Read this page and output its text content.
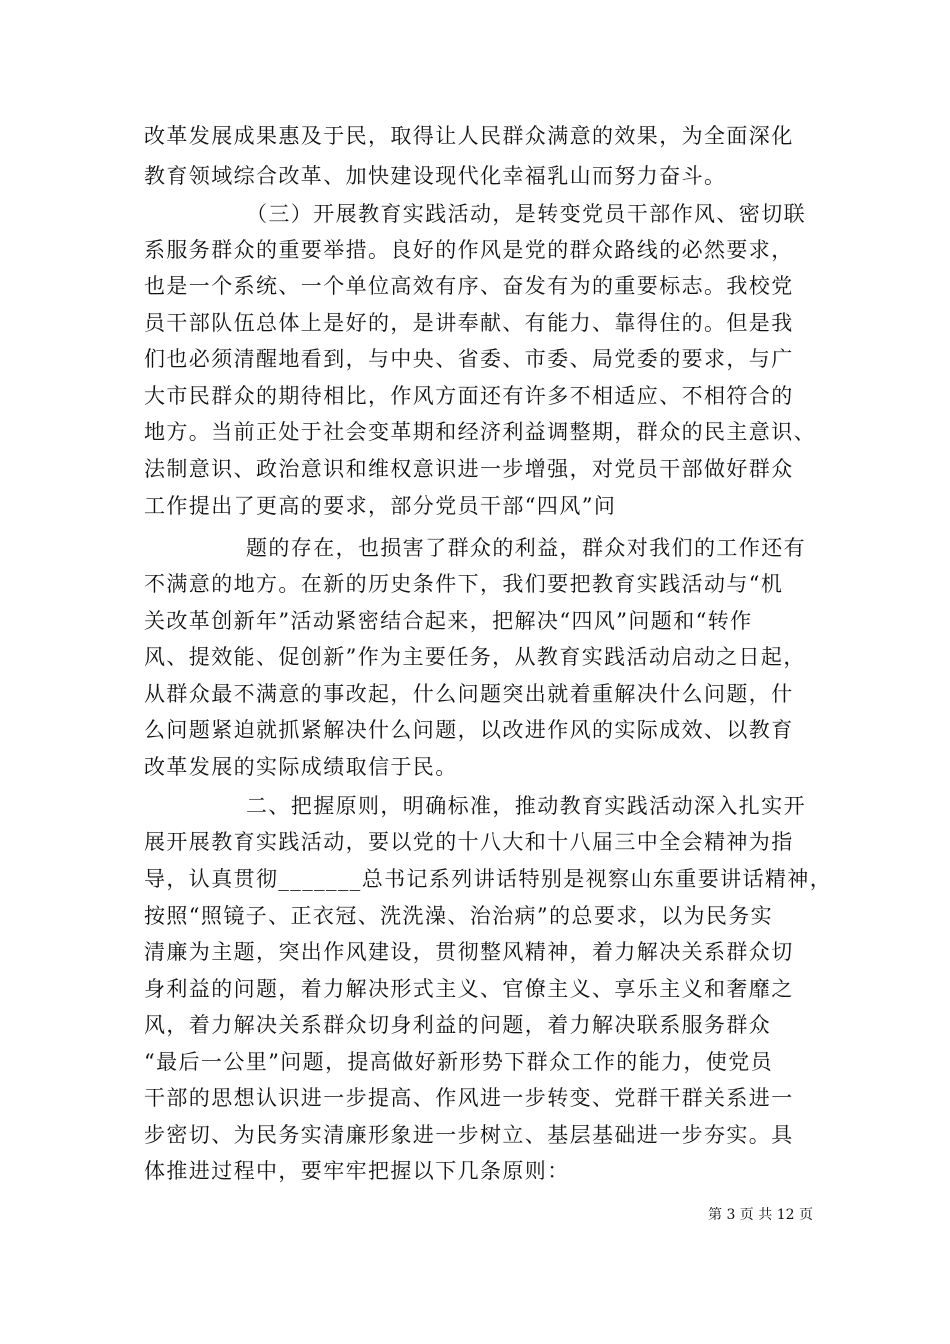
改革发展成果惠及于民，取得让人民群众满意的效果，为全面深化
教育领域综合改革、加快建设现代化幸福乳山而努力奋斗。
（三）开展教育实践活动，是转变党员干部作风、密切联
系服务群众的重要举措。良好的作风是党的群众路线的必然要求，
也是一个系统、一个单位高效有序、奋发有为的重要标志。我校党
员干部队伍总体上是好的，是讲奉献、有能力、靠得住的。但是我
们也必须清醒地看到，与中央、省委、市委、局党委的要求，与广
大市民群众的期待相比，作风方面还有许多不相适应、不相符合的
地方。当前正处于社会变革期和经济利益调整期，群众的民主意识、
法制意识、政治意识和维权意识进一步增强，对党员干部做好群众
工作提出了更高的要求，部分党员干部“四风”问
题的存在，也损害了群众的利益，群众对我们的工作还有
不满意的地方。在新的历史条件下，我们要把教育实践活动与“机
关改革创新年”活动紧密结合起来，把解决“四风”问题和“转作
风、提效能、促创新”作为主要任务，从教育实践活动启动之日起，
从群众最不满意的事改起，什么问题突出就着重解决什么问题，什
么问题紧迫就抓紧解决什么问题，以改进作风的实际成效、以教育
改革发展的实际成绩取信于民。
二、把握原则，明确标准，推动教育实践活动深入扎实开
展开展教育实践活动，要以党的十八大和十八届三中全会精神为指
导，认真贯彻_______总书记系列讲话特别是视察山东重要讲话精神，
按照“照镜子、正衣冠、洗洗澡、治治病”的总要求，以为民务实
清廉为主题，突出作风建设，贯彻整风精神，着力解决关系群众切
身利益的问题，着力解决形式主义、官僚主义、享乐主义和奢靡之
风，着力解决关系群众切身利益的问题，着力解决联系服务群众
“最后一公里”问题，提高做好新形势下群众工作的能力，使党员
干部的思想认识进一步提高、作风进一步转变、党群干群关系进一
步密切、为民务实清廉形象进一步树立、基层基础进一步夯实。具
体推进过程中，要牢牢把握以下几条原则：
第 3 页 共 12 页
